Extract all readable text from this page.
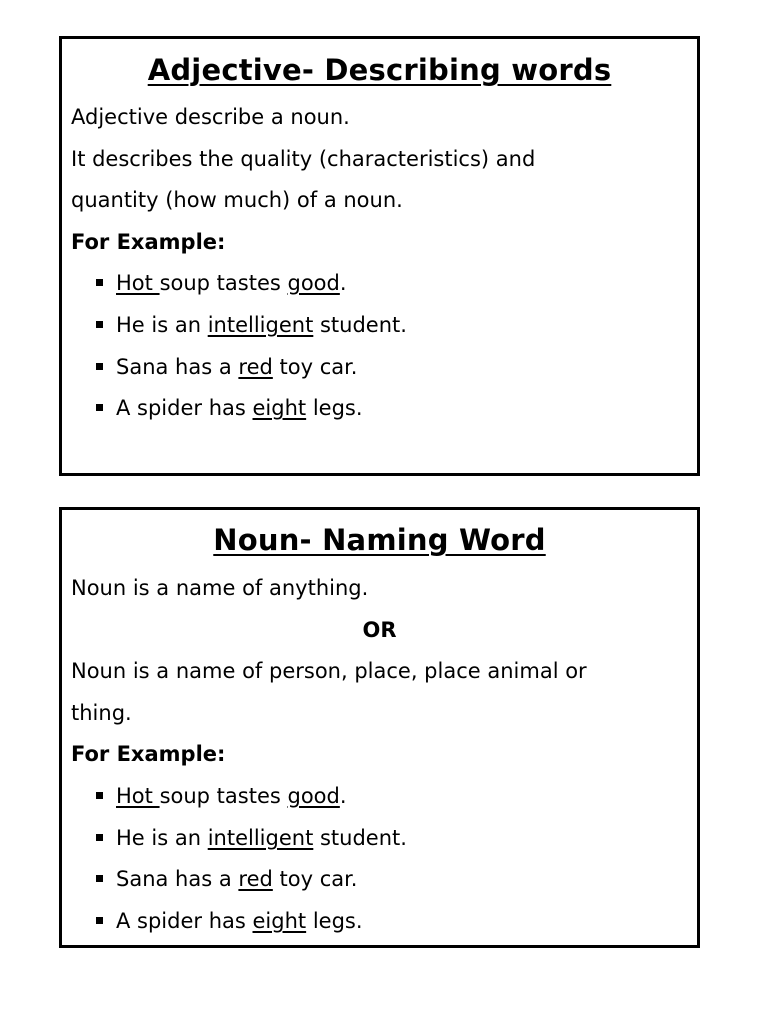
Adjective- Describing words
Adjective describe a noun.
It describes the quality (characteristics) and
quantity (how much) of a noun.
For Example:
Hot soup tastes good.
He is an intelligent student.
Sana has a red toy car.
A spider has eight legs.
Noun- Naming Word
Noun is a name of anything.
OR
Noun is a name of person, place, place animal or
thing.
For Example:
Hot soup tastes good.
He is an intelligent student.
Sana has a red toy car.
A spider has eight legs.
